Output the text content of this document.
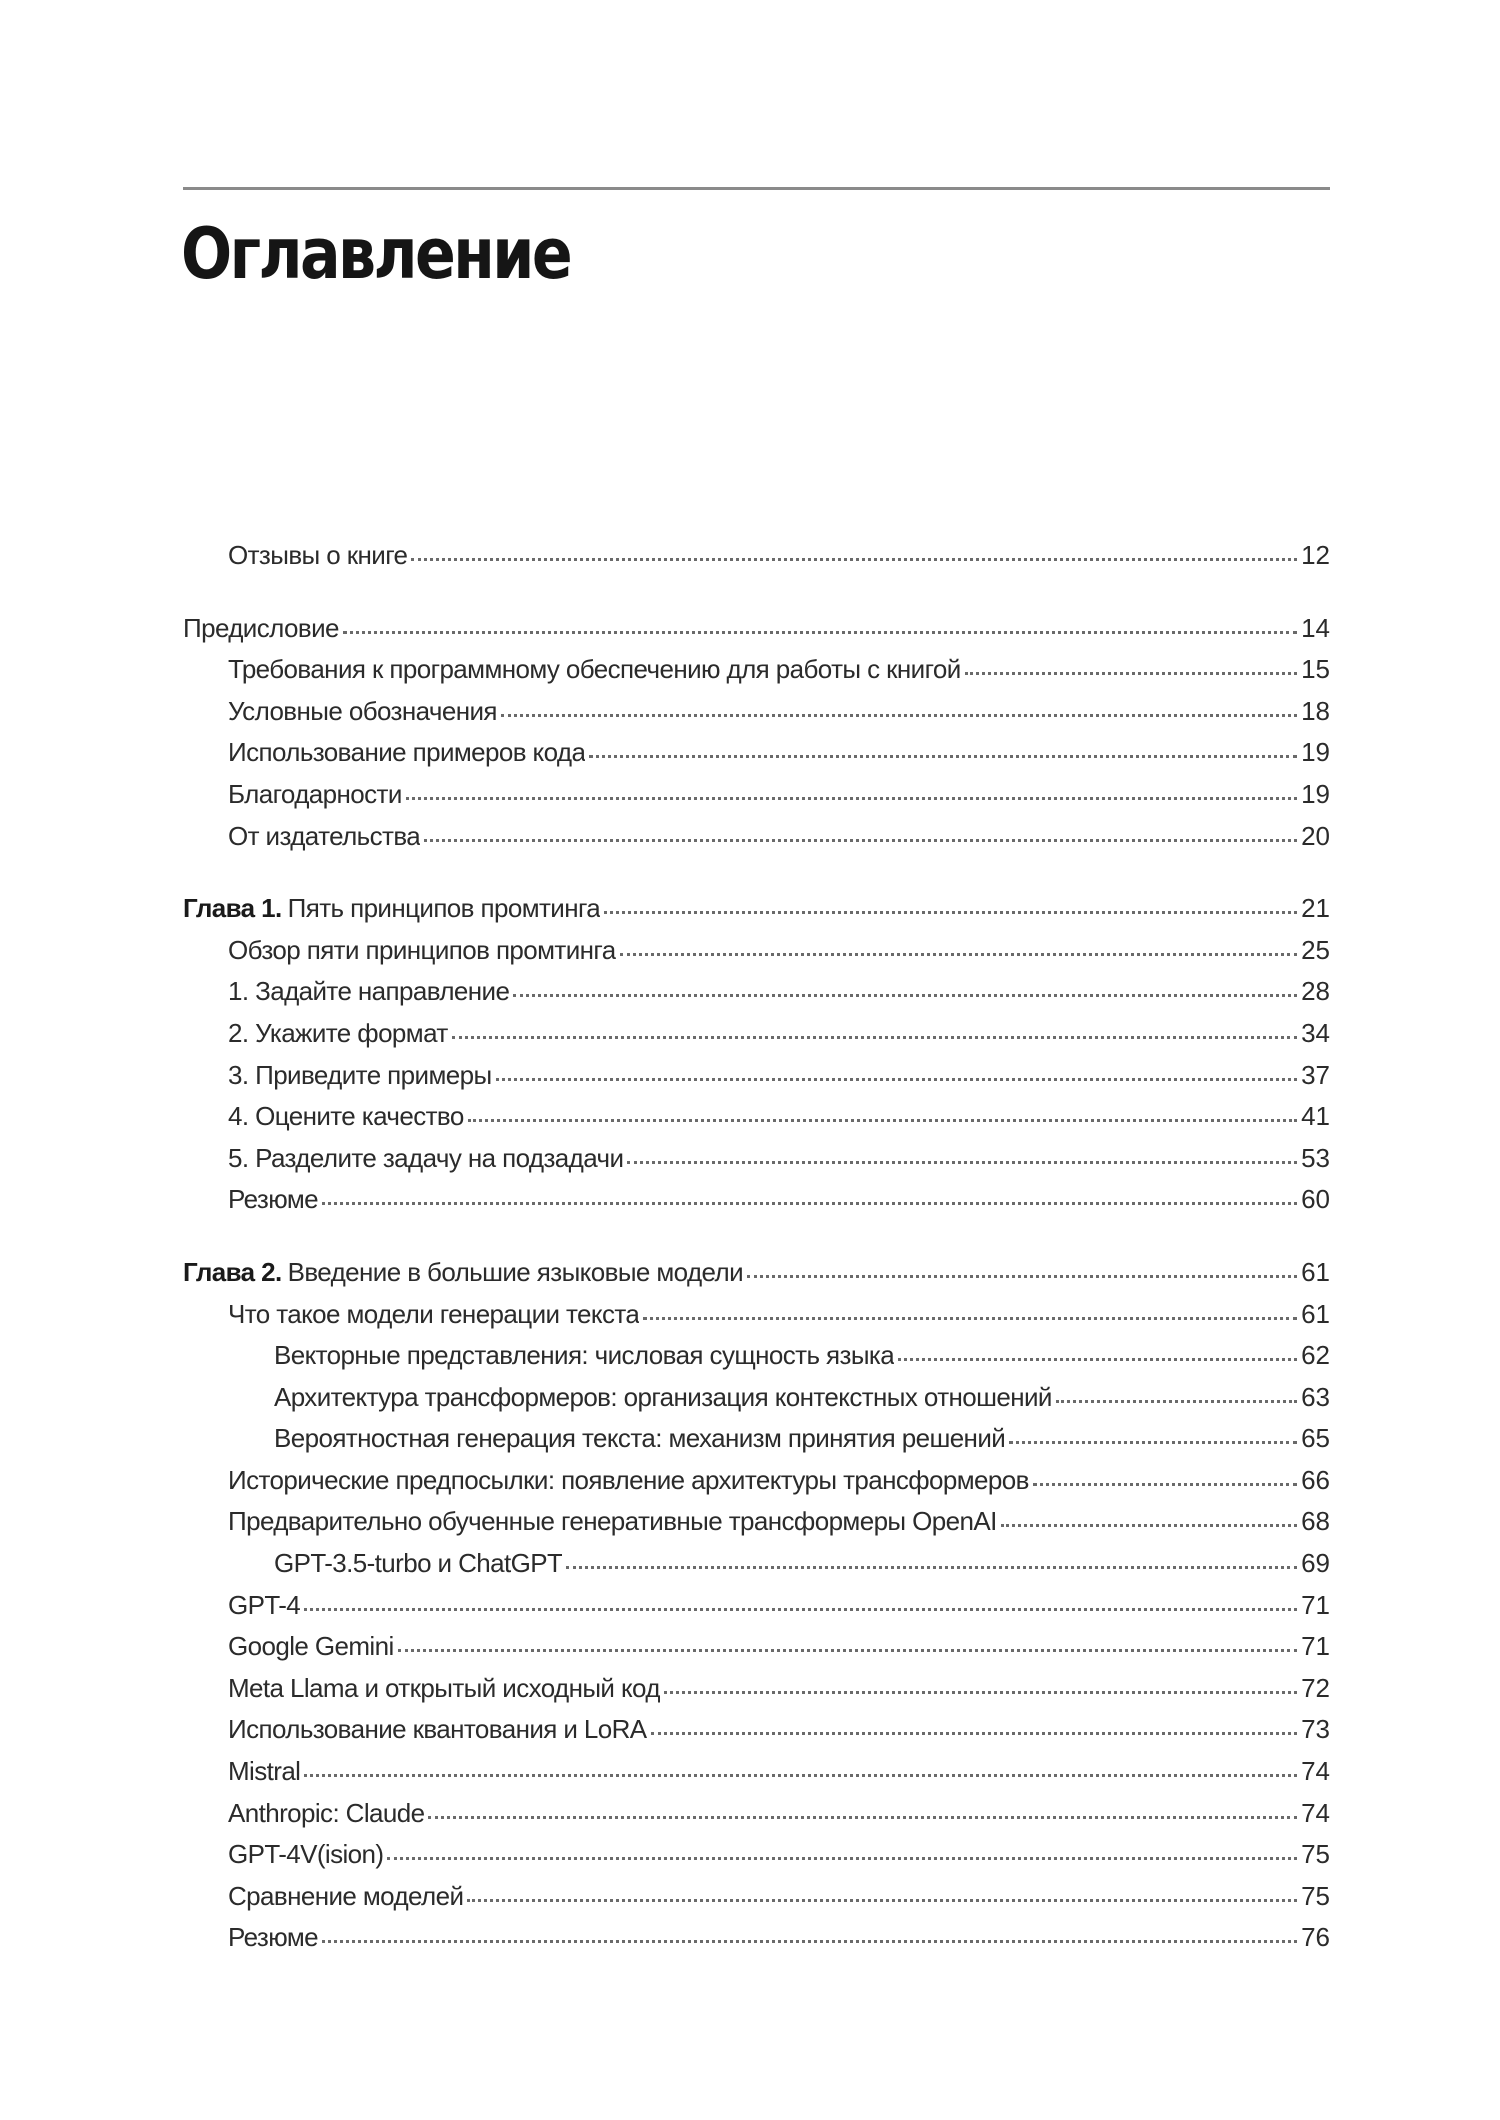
Оглавление
Отзывы о книге	12
Предисловие	14
Требования к программному обеспечению для работы с книгой	15
Условные обозначения	18
Использование примеров кода	19
Благодарности	19
От издательства	20
Глава 1. Пять принципов промтинга	21
Обзор пяти принципов промтинга	25
1. Задайте направление	28
2. Укажите формат	34
3. Приведите примеры	37
4. Оцените качество	41
5. Разделите задачу на подзадачи	53
Резюме	60
Глава 2. Введение в большие языковые модели	61
Что такое модели генерации текста	61
Векторные представления: числовая сущность языка	62
Архитектура трансформеров: организация контекстных отношений	63
Вероятностная генерация текста: механизм принятия решений	65
Исторические предпосылки: появление архитектуры трансформеров	66
Предварительно обученные генеративные трансформеры OpenAI	68
GPT-3.5-turbo и ChatGPT	69
GPT-4	71
Google Gemini	71
Meta Llama и открытый исходный код	72
Использование квантования и LoRA	73
Mistral	74
Anthropic: Claude	74
GPT-4V(ision)	75
Сравнение моделей	75
Резюме	76
